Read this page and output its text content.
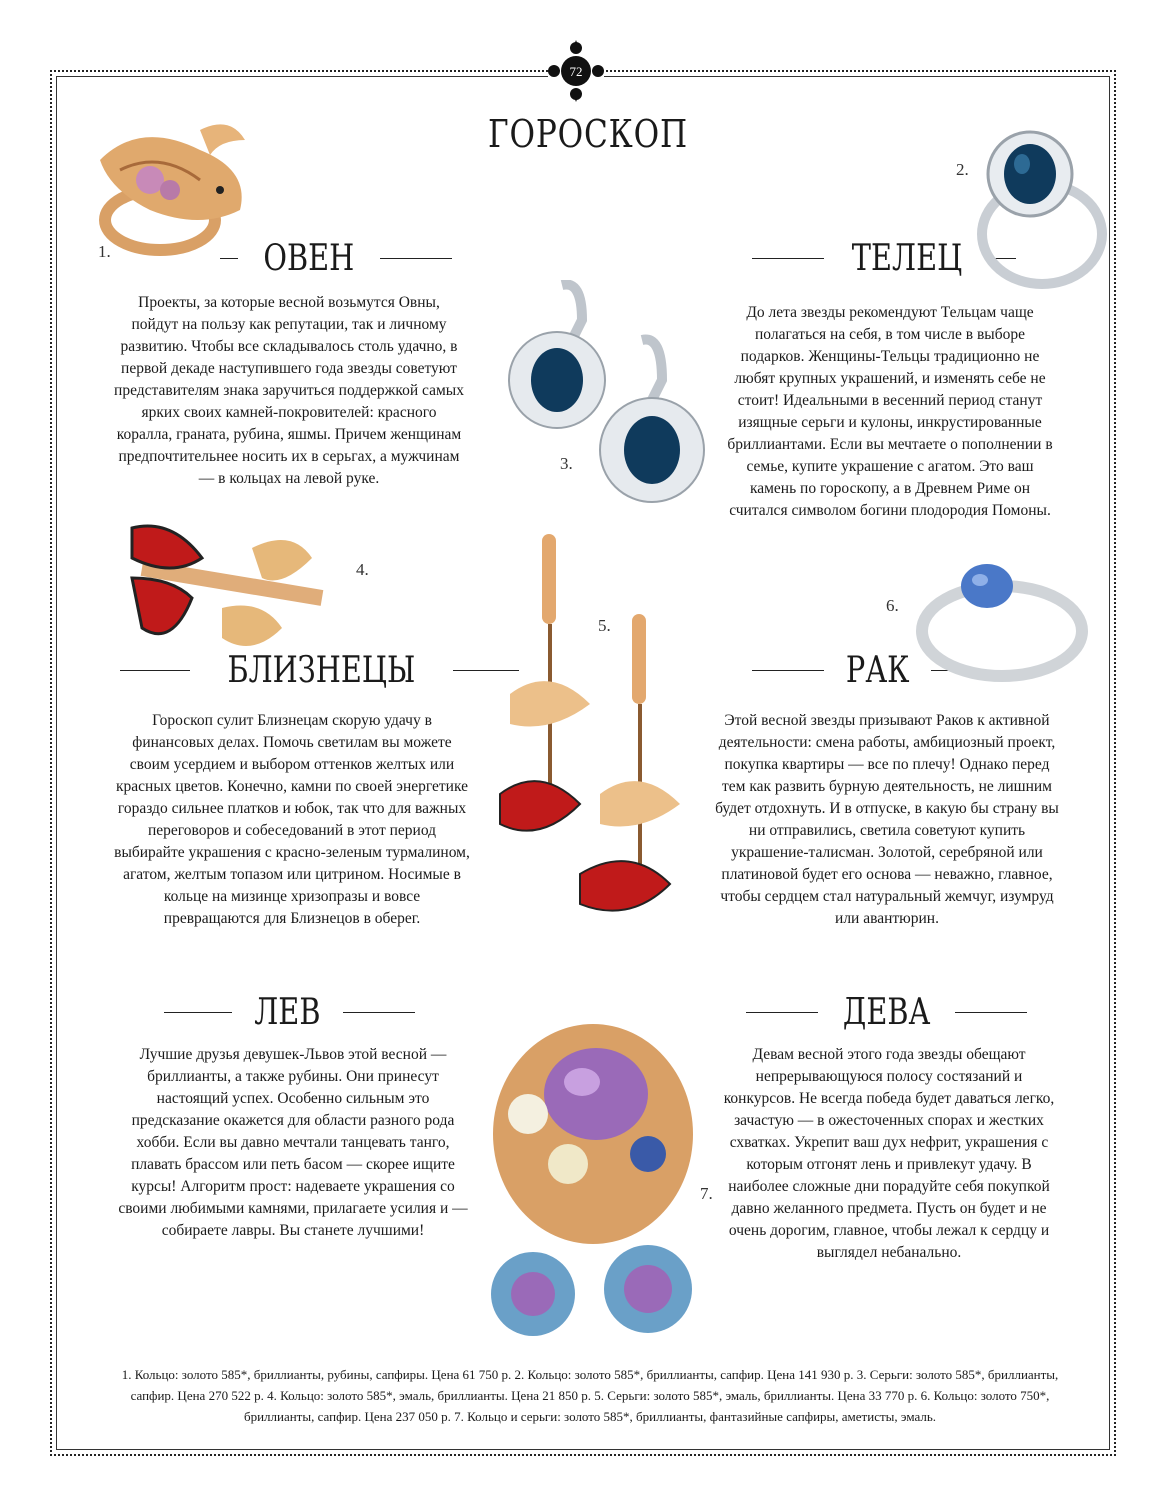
72
ГОРОСКОП
ОВЕН
Проекты, за которые весной возьмутся Овны, пойдут на пользу как репутации, так и личному развитию. Чтобы все складывалось столь удачно, в первой декаде наступившего года звезды советуют представителям знака заручиться поддержкой самых ярких своих камней-покровителей: красного коралла, граната, рубина, яшмы. Причем женщинам предпочтительнее носить их в серьгах, а мужчинам — в кольцах на левой руке.
ТЕЛЕЦ
До лета звезды рекомендуют Тельцам чаще полагаться на себя, в том числе в выборе подарков. Женщины-Тельцы традиционно не любят крупных украшений, и изменять себе не стоит! Идеальными в весенний период станут изящные серьги и кулоны, инкрустированные бриллиантами. Если вы мечтаете о пополнении в семье, купите украшение с агатом. Это ваш камень по гороскопу, а в Древнем Риме он считался символом богини плодородия Помоны.
БЛИЗНЕЦЫ
Гороскоп сулит Близнецам скорую удачу в финансовых делах. Помочь светилам вы можете своим усердием и выбором оттенков желтых или красных цветов. Конечно, камни по своей энергетике гораздо сильнее платков и юбок, так что для важных переговоров и собеседований в этот период выбирайте украшения с красно-зеленым турмалином, агатом, желтым топазом или цитрином. Носимые в кольце на мизинце хризопразы и вовсе превращаются для Близнецов в оберег.
РАК
Этой весной звезды призывают Раков к активной деятельности: смена работы, амбициозный проект, покупка квартиры — все по плечу! Однако перед тем как развить бурную деятельность, не лишним будет отдохнуть. И в отпуске, в какую бы страну вы ни отправились, светила советуют купить украшение-талисман. Золотой, серебряной или платиновой будет его основа — неважно, главное, чтобы сердцем стал натуральный жемчуг, изумруд или авантюрин.
ЛЕВ
Лучшие друзья девушек-Львов этой весной — бриллианты, а также рубины. Они принесут настоящий успех. Особенно сильным это предсказание окажется для области разного рода хобби. Если вы давно мечтали танцевать танго, плавать брассом или петь басом — скорее ищите курсы! Алгоритм прост: надеваете украшения со своими любимыми камнями, прилагаете усилия и — собираете лавры. Вы станете лучшими!
ДЕВА
Девам весной этого года звезды обещают непрерывающуюся полосу состязаний и конкурсов. Не всегда победа будет даваться легко, зачастую — в ожесточенных спорах и жестких схватках. Укрепит ваш дух нефрит, украшения с которым отгонят лень и привлекут удачу. В наиболее сложные дни порадуйте себя покупкой давно желанного предмета. Пусть он будет и не очень дорогим, главное, чтобы лежал к сердцу и выглядел небанально.
1.
2.
3.
4.
5.
6.
7.
1. Кольцо: золото 585*, бриллианты, рубины, сапфиры. Цена 61 750 р. 2. Кольцо: золото 585*, бриллианты, сапфир. Цена 141 930 р. 3. Серьги: золото 585*, бриллианты, сапфир. Цена 270 522 р. 4. Кольцо: золото 585*, эмаль, бриллианты. Цена 21 850 р. 5. Серьги: золото 585*, эмаль, бриллианты. Цена 33 770 р. 6. Кольцо: золото 750*, бриллианты, сапфир. Цена 237 050 р. 7. Кольцо и серьги: золото 585*, бриллианты, фантазийные сапфиры, аметисты, эмаль.
